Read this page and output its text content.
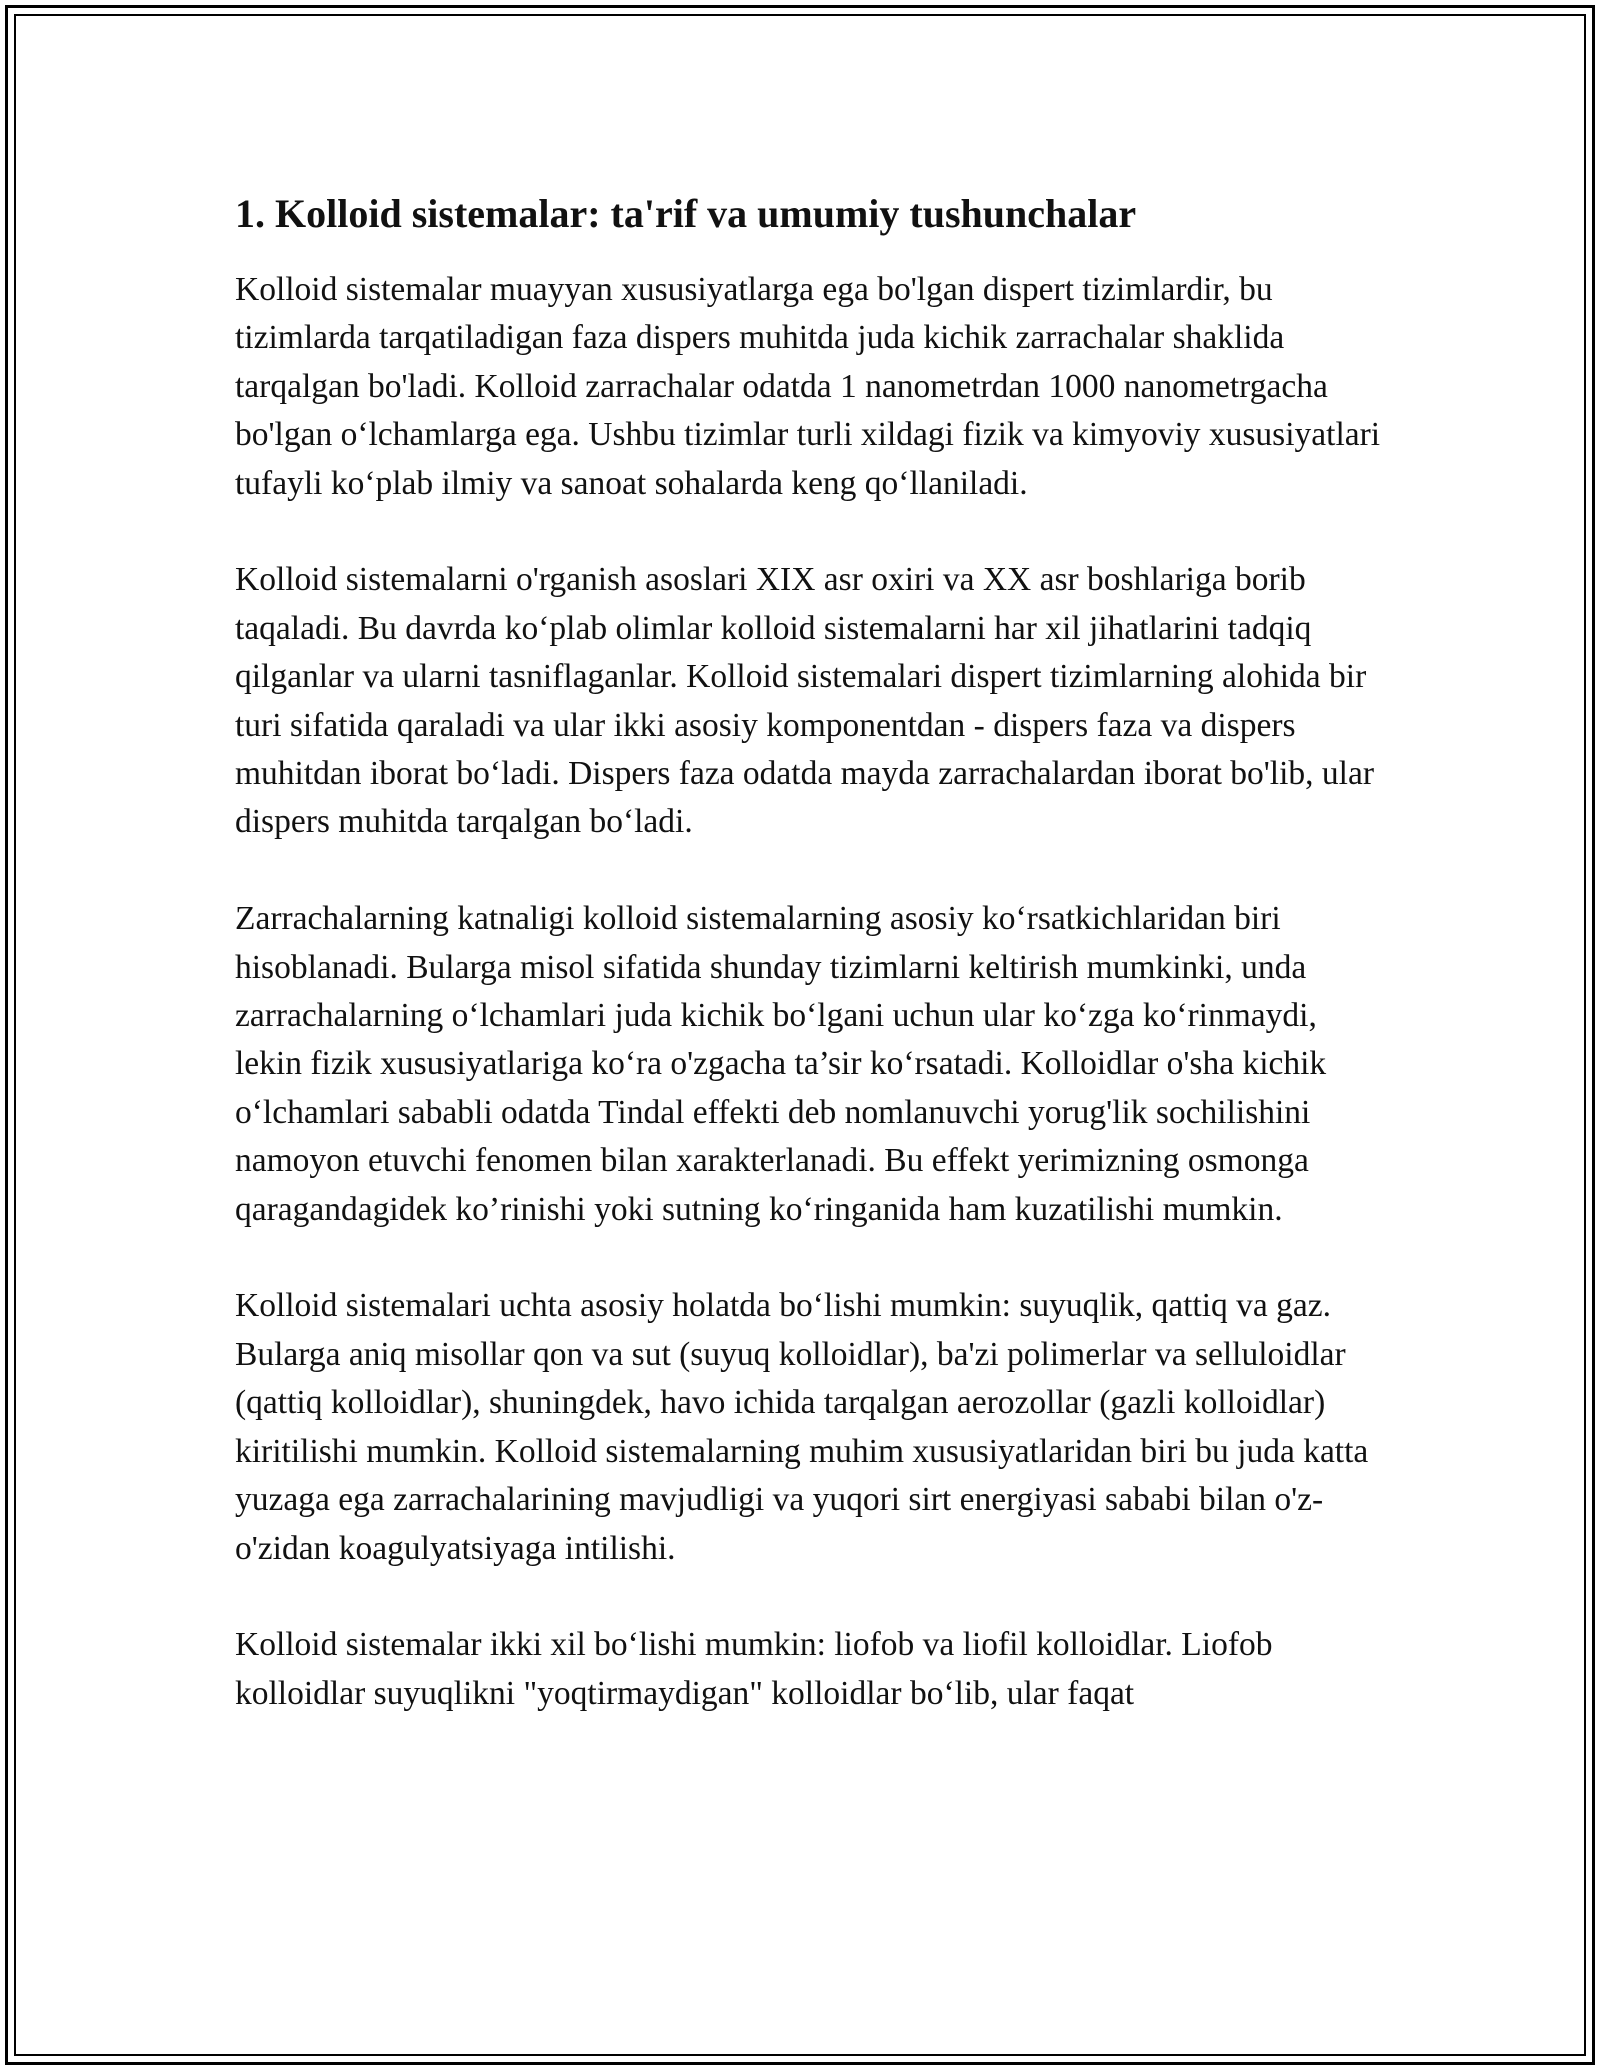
1. Kolloid sistemalar: ta'rif va umumiy tushunchalar

Kolloid sistemalar muayyan xususiyatlarga ega bo'lgan dispert tizimlardir, bu tizimlarda tarqatiladigan faza dispers muhitda juda kichik zarrachalar shaklida tarqalgan bo'ladi. Kolloid zarrachalar odatda 1 nanometrdan 1000 nanometrgacha bo'lgan o‘lchamlarga ega. Ushbu tizimlar turli xildagi fizik va kimyoviy xususiyatlari tufayli ko‘plab ilmiy va sanoat sohalarda keng qo‘llaniladi.

Kolloid sistemalarni o'rganish asoslari XIX asr oxiri va XX asr boshlariga borib taqaladi. Bu davrda ko‘plab olimlar kolloid sistemalarni har xil jihatlarini tadqiq qilganlar va ularni tasniflaganlar. Kolloid sistemalari dispert tizimlarning alohida bir turi sifatida qaraladi va ular ikki asosiy komponentdan - dispers faza va dispers muhitdan iborat bo‘ladi. Dispers faza odatda mayda zarrachalardan iborat bo'lib, ular dispers muhitda tarqalgan bo‘ladi.

Zarrachalarning katnaligi kolloid sistemalarning asosiy ko‘rsatkichlaridan biri hisoblanadi. Bularga misol sifatida shunday tizimlarni keltirish mumkinki, unda zarrachalarning o‘lchamlari juda kichik bo‘lgani uchun ular ko‘zga ko‘rinmaydi, lekin fizik xususiyatlariga ko‘ra o'zgacha ta’sir ko‘rsatadi. Kolloidlar o'sha kichik o‘lchamlari sababli odatda Tindal effekti deb nomlanuvchi yorug'lik sochilishini namoyon etuvchi fenomen bilan xarakterlanadi. Bu effekt yerimizning osmonga qaragandagidek ko’rinishi yoki sutning ko‘ringanida ham kuzatilishi mumkin.

Kolloid sistemalari uchta asosiy holatda bo‘lishi mumkin: suyuqlik, qattiq va gaz. Bularga aniq misollar qon va sut (suyuq kolloidlar), ba'zi polimerlar va selluloidlar (qattiq kolloidlar), shuningdek, havo ichida tarqalgan aerozollar (gazli kolloidlar) kiritilishi mumkin. Kolloid sistemalarning muhim xususiyatlaridan biri bu juda katta yuzaga ega zarrachalarining mavjudligi va yuqori sirt energiyasi sababi bilan o'z-o'zidan koagulyatsiyaga intilishi.

Kolloid sistemalar ikki xil bo‘lishi mumkin: liofob va liofil kolloidlar. Liofob kolloidlar suyuqlikni "yoqtirmaydigan" kolloidlar bo‘lib, ular faqat
